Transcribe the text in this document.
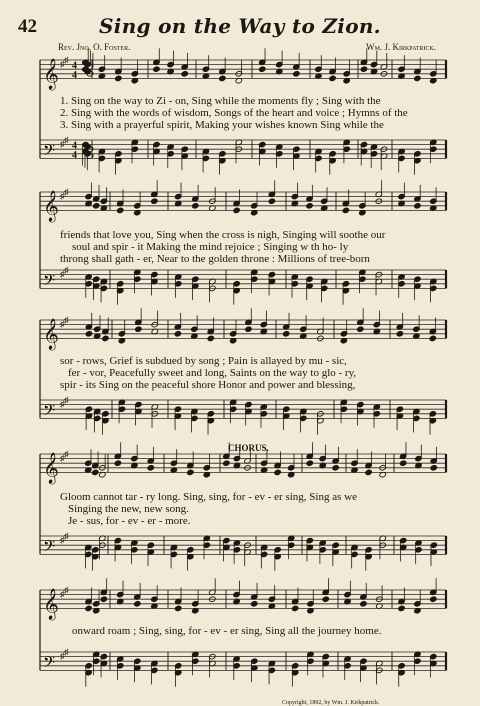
42	Sing on the Way to Zion.
Rev. Jno. O. Foster.	Wm. J. Kirkpatrick.
𝄞 ♯ ♯
4
4
𝄢 ♯ ♯
4
4
𝄞 ♯ ♯
𝄢 ♯ ♯
𝄞 ♯ ♯
𝄢 ♯ ♯
𝄞 ♯ ♯
𝄢 ♯ ♯
𝄞 ♯ ♯
𝄢 ♯ ♯
1. Sing on the way to Zi - on, Sing while the moments fly ; Sing with the
2. Sing with the words of wisdom, Songs of the heart and voice ; Hymns of the
3. Sing with a prayerful spirit, Making your wishes known Sing while the
friends that love you, Sing when the cross is nigh, Singing will soothe our
soul and spir - it Making the mind rejoice ; Singing w th ho- ly
throng shall gath - er, Near to the golden throne : Millions of tree-born
sor - rows, Grief is subdued by song ; Pain is allayed by mu - sic,
fer - vor, Peacefully sweet and long, Saints on the way to glo - ry,
spir - its Sing on the peaceful shore Honor and power and blessing,
CHORUS.
Gloom cannot tar - ry long. Sing, sing, for - ev - er sing, Sing as we
Singing the new, new song.
Je - sus, for - ev - er - more.
onward roam ; Sing, sing, for - ev - er sing, Sing all the journey home.
Copyright, 1892, by Wm. J. Kirkpatrick.
